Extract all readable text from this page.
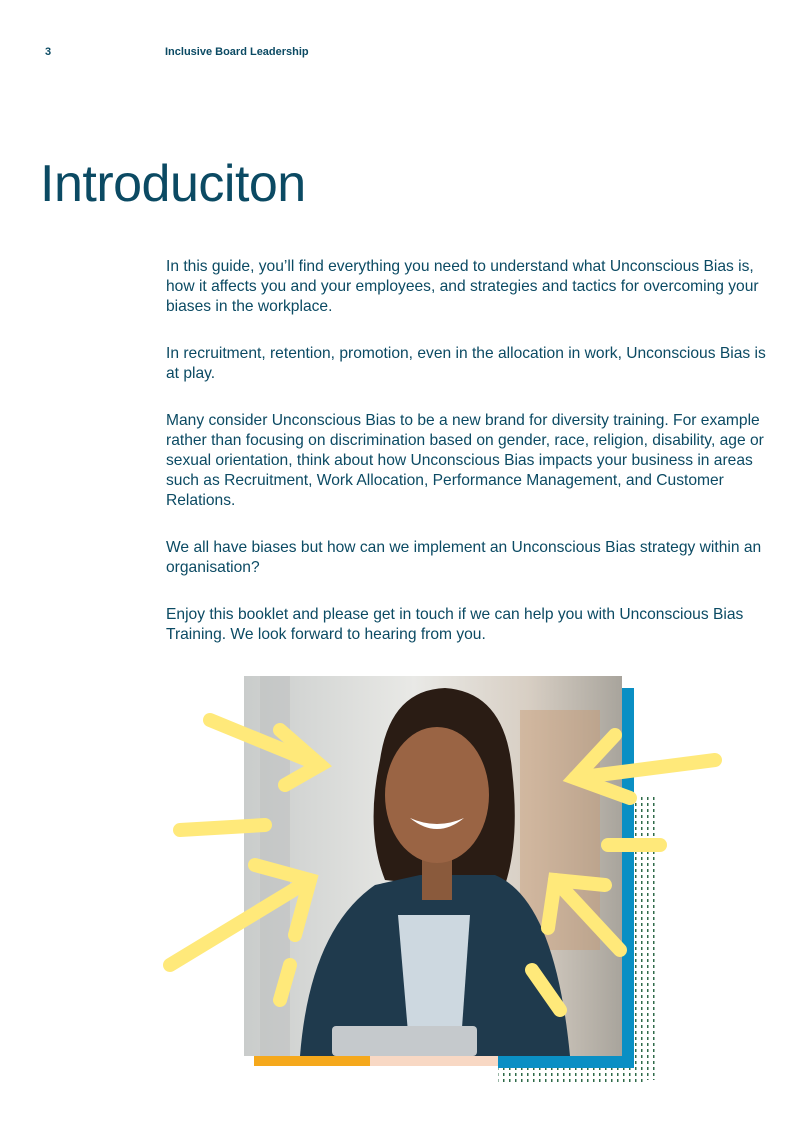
3	Inclusive Board Leadership
Introduciton

In this guide, you’ll find everything you need to understand what Unconscious Bias is, how it affects you and your employees, and strategies and tactics for overcoming your biases in the workplace.

In recruitment, retention, promotion, even in the allocation in work, Unconscious Bias is at play.

Many consider Unconscious Bias to be a new brand for diversity training. For example rather than focusing on discrimination based on gender, race, religion, disability, age or sexual orientation, think about how Unconscious Bias impacts your business in areas such as Recruitment, Work Allocation, Performance Management, and Customer Relations.

We all have biases but how can we implement an Unconscious Bias strategy within an organisation?

Enjoy this booklet and please get in touch if we can help you with Unconscious Bias Training. We look forward to hearing from you.
